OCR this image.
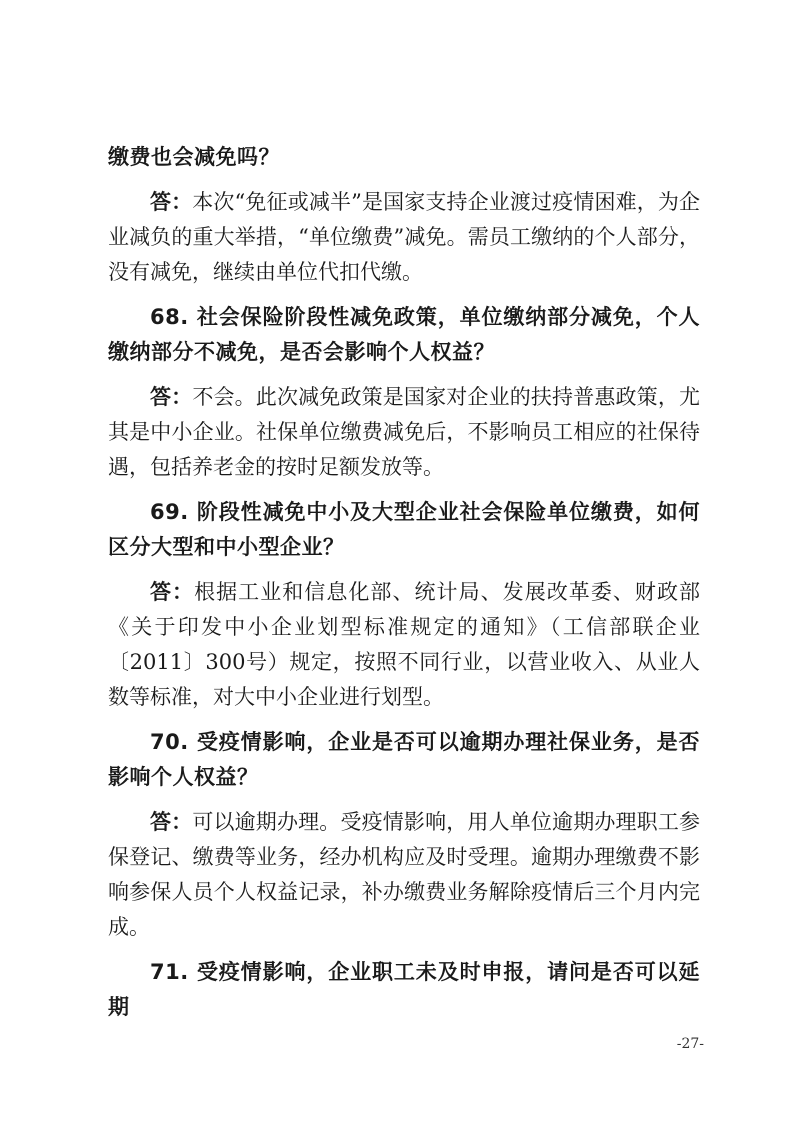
缴费也会减免吗？

答：本次“免征或减半”是国家支持企业渡过疫情困难，为企业减负的重大举措，“单位缴费”减免。需员工缴纳的个人部分，没有减免，继续由单位代扣代缴。

68. 社会保险阶段性减免政策，单位缴纳部分减免，个人缴纳部分不减免，是否会影响个人权益？

答：不会。此次减免政策是国家对企业的扶持普惠政策，尤其是中小企业。社保单位缴费减免后，不影响员工相应的社保待遇，包括养老金的按时足额发放等。

69. 阶段性减免中小及大型企业社会保险单位缴费，如何区分大型和中小型企业？

答：根据工业和信息化部、统计局、发展改革委、财政部《关于印发中小企业划型标准规定的通知》（工信部联企业〔2011〕300号）规定，按照不同行业，以营业收入、从业人数等标准，对大中小企业进行划型。

70. 受疫情影响，企业是否可以逾期办理社保业务，是否影响个人权益？

答：可以逾期办理。受疫情影响，用人单位逾期办理职工参保登记、缴费等业务，经办机构应及时受理。逾期办理缴费不影响参保人员个人权益记录，补办缴费业务解除疫情后三个月内完成。

71. 受疫情影响，企业职工未及时申报，请问是否可以延期

-27-
